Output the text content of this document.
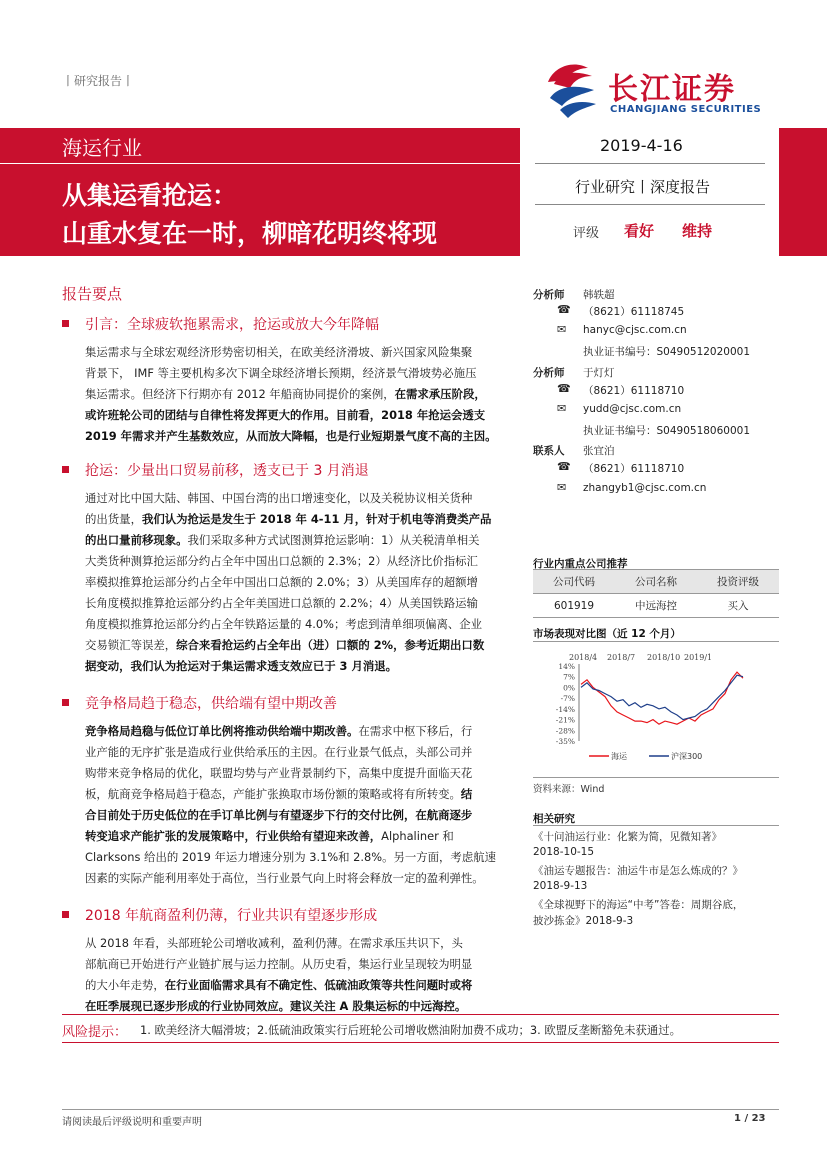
丨研究报告丨	长江证券
CHANGJIANG SECURITIES
海运行业
从集运看抢运：
山重水复在一时，柳暗花明终将现
2019-4-16
行业研究丨深度报告
评级 看好 维持
报告要点
引言：全球疲软拖累需求，抢运或放大今年降幅

集运需求与全球宏观经济形势密切相关，在欧美经济滑坡、新兴国家风险集聚

背景下， IMF 等主要机构多次下调全球经济增长预期，经济景气滑坡势必施压

集运需求。但经济下行期亦有 2012 年船商协同提价的案例，在需求承压阶段，

或许班轮公司的团结与自律性将发挥更大的作用。目前看，2018 年抢运会透支

2019 年需求并产生基数效应，从而放大降幅，也是行业短期景气度不高的主因。

抢运：少量出口贸易前移，透支已于 3 月消退

通过对比中国大陆、韩国、中国台湾的出口增速变化，以及关税协议相关货种

的出货量，我们认为抢运是发生于 2018 年 4-11 月，针对于机电等消费类产品

的出口量前移现象。我们采取多种方式试图测算抢运影响：1）从关税清单相关

大类货种测算抢运部分约占全年中国出口总额的 2.3%；2）从经济比价指标汇

率模拟推算抢运部分约占全年中国出口总额的 2.0%；3）从美国库存的超额增

长角度模拟推算抢运部分约占全年美国进口总额的 2.2%；4）从美国铁路运输

角度模拟推算抢运部分约占全年铁路运量的 4.0%；考虑到清单细项偏离、企业

交易锁汇等误差，综合来看抢运约占全年出（进）口额的 2%，参考近期出口数

据变动，我们认为抢运对于集运需求透支效应已于 3 月消退。

竞争格局趋于稳态，供给端有望中期改善

竞争格局趋稳与低位订单比例将推动供给端中期改善。在需求中枢下移后，行

业产能的无序扩张是造成行业供给承压的主因。在行业景气低点，头部公司并

购带来竞争格局的优化，联盟均势与产业背景制约下，高集中度提升面临天花

板，航商竞争格局趋于稳态，产能扩张换取市场份额的策略或将有所转变。结

合目前处于历史低位的在手订单比例与有望逐步下行的交付比例，在航商逐步

转变追求产能扩张的发展策略中，行业供给有望迎来改善，Alphaliner 和

Clarksons 给出的 2019 年运力增速分别为 3.1%和 2.8%。另一方面，考虑航速

因素的实际产能利用率处于高位，当行业景气向上时将会释放一定的盈利弹性。

2018 年航商盈利仍薄，行业共识有望逐步形成

从 2018 年看，头部班轮公司增收减利，盈利仍薄。在需求承压共识下，头

部航商已开始进行产业链扩展与运力控制。从历史看，集运行业呈现较为明显

的大小年走势，在行业面临需求具有不确定性、低硫油政策等共性问题时或将

在旺季展现已逐步形成的行业协同效应。建议关注 A 股集运标的中远海控。

分析师 韩轶超
☎ （8621）61118745
✉ hanyc@cjsc.com.cn
执业证书编号：S0490512020001
分析师 于灯灯
☎ （8621）61118710
✉ yudd@cjsc.com.cn
执业证书编号：S0490518060001
联系人 张宜泊
☎ （8621）61118710
✉ zhangyb1@cjsc.com.cn
行业内重点公司推荐
公司代码	公司名称	投资评级
601919	中远海控	买入
市场表现对比图（近 12 个月）
2018/4 2018/7 2018/10 2019/1
14%
7%
0%
-7%
-14%
-21%
-28%
-35%
海运	沪深300
资料来源：Wind
相关研究
《十问油运行业：化繁为简，见微知著》
2018-10-15
《油运专题报告：油运牛市是怎么炼成的？》
2018-9-13
《全球视野下的海运“中考”答卷：周期谷底，
披沙拣金》2018-9-3
风险提示： 1. 欧美经济大幅滑坡；2.低硫油政策实行后班轮公司增收燃油附加费不成功；3. 欧盟反垄断豁免未获通过。
请阅读最后评级说明和重要声明	1 / 23
